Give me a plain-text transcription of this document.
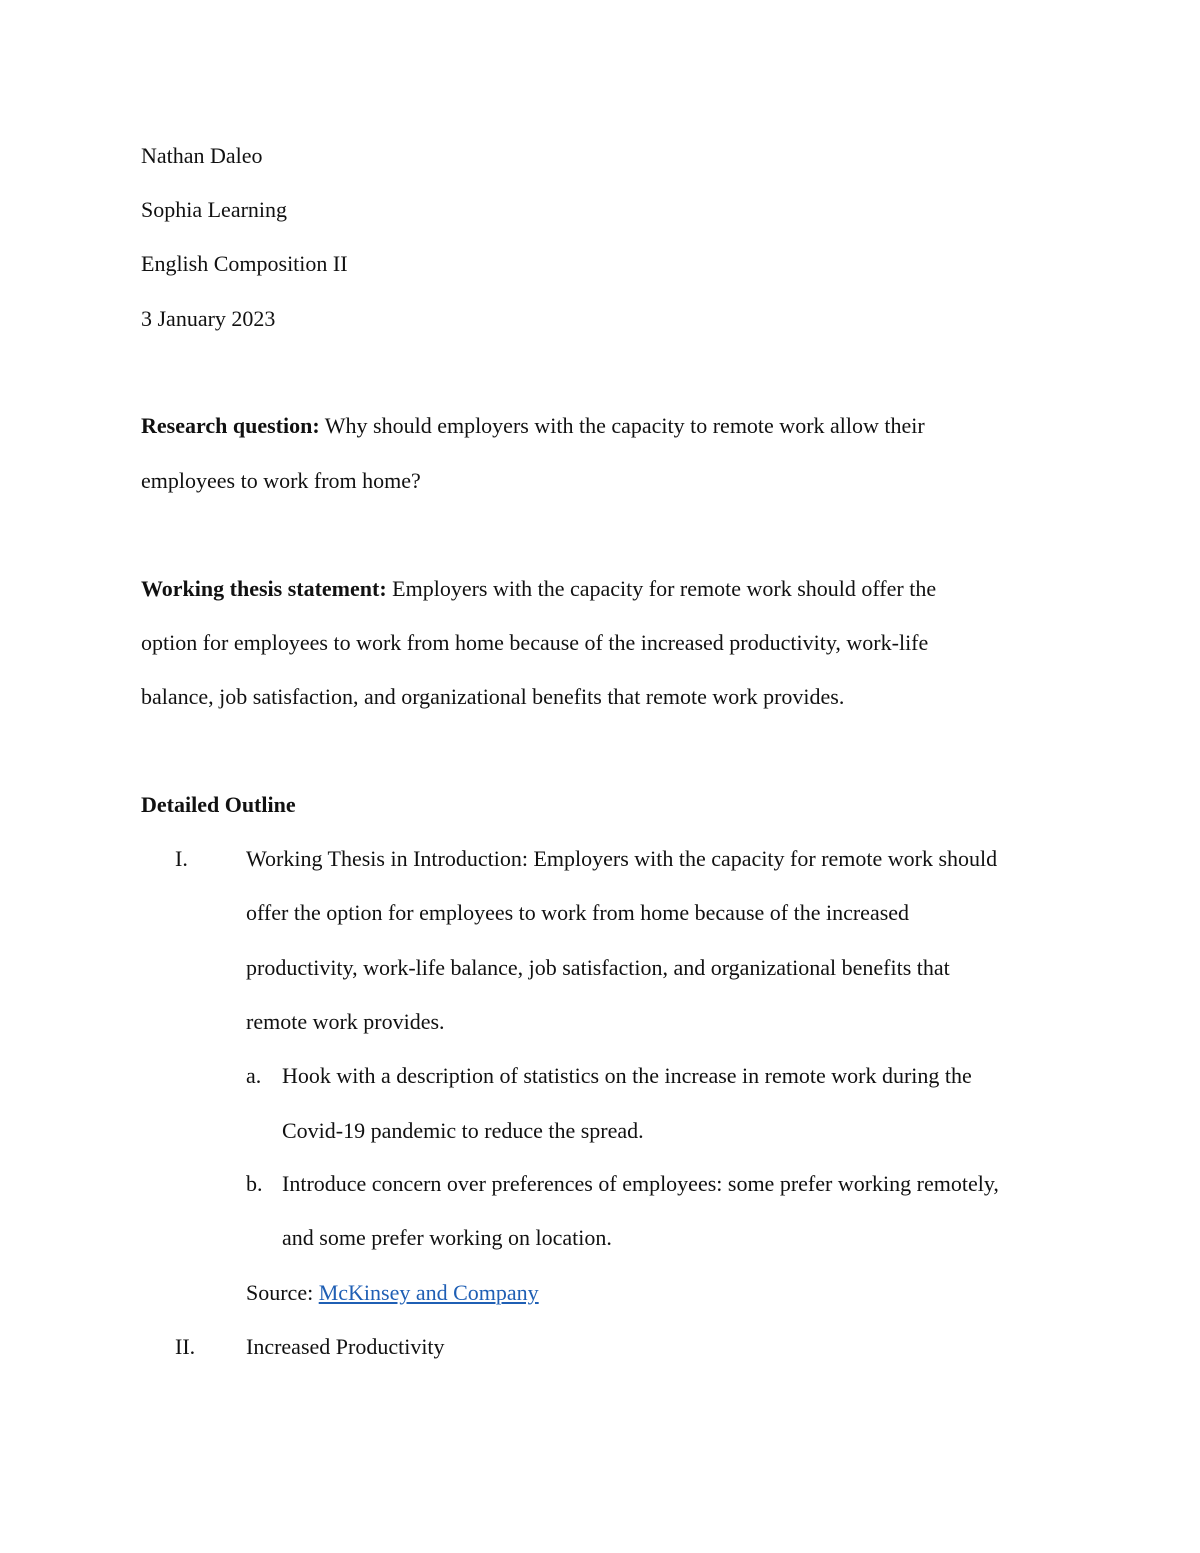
Nathan Daleo

Sophia Learning

English Composition II

3 January 2023

Research question: Why should employers with the capacity to remote work allow their

employees to work from home?

Working thesis statement: Employers with the capacity for remote work should offer the

option for employees to work from home because of the increased productivity, work-life

balance, job satisfaction, and organizational benefits that remote work provides.

Detailed Outline

I.	Working Thesis in Introduction: Employers with the capacity for remote work should

offer the option for employees to work from home because of the increased

productivity, work-life balance, job satisfaction, and organizational benefits that

remote work provides.

a. Hook with a description of statistics on the increase in remote work during the

Covid-19 pandemic to reduce the spread.

b. Introduce concern over preferences of employees: some prefer working remotely,

and some prefer working on location.

Source: McKinsey and Company

II. Increased Productivity
